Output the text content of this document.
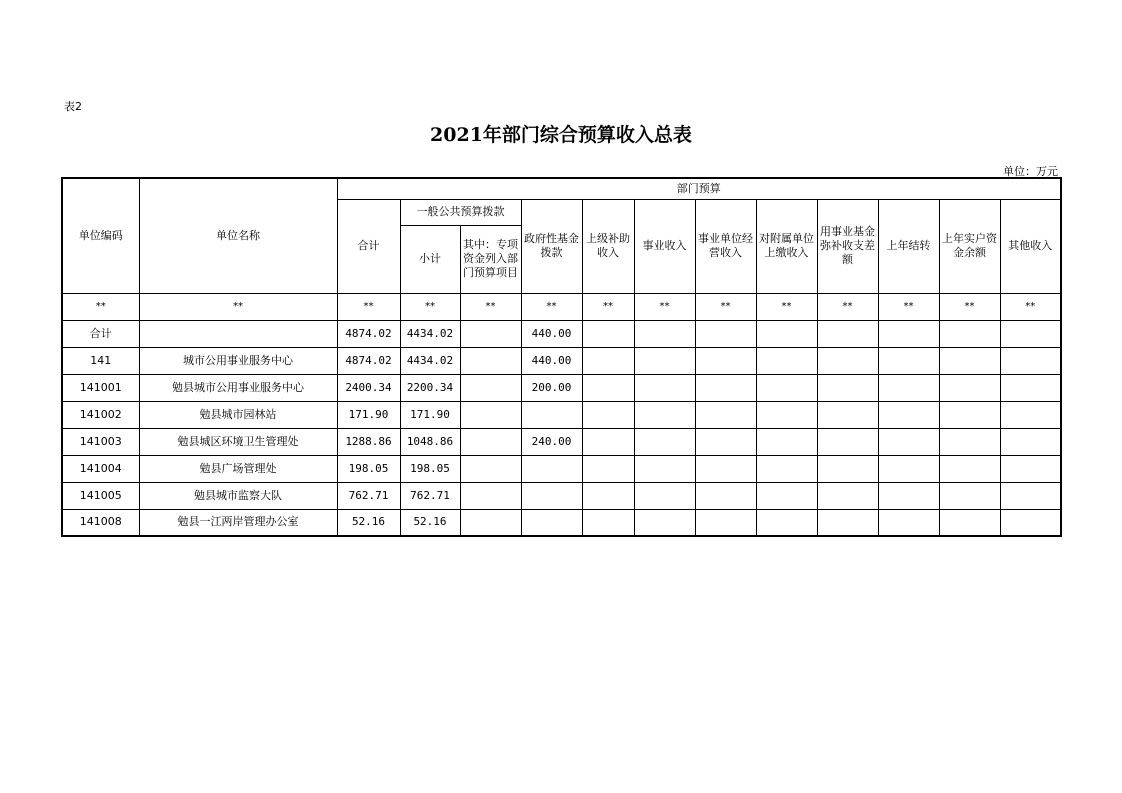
表2
2021年部门综合预算收入总表
单位：万元
单位编码	单位名称	部门预算											
		合计	一般公共预算拨款		政府性基金拨款	上级补助收入	事业收入	事业单位经营收入	对附属单位上缴收入	用事业基金弥补收支差额	上年结转	上年实户资金余额	其他收入
			小计	其中：专项资金列入部门预算项目									
**	**	**	**	**	**	**	**	**	**	**	**	**	**
合计		4874.02	4434.02		440.00								
141	城市公用事业服务中心	4874.02	4434.02		440.00								
141001	勉县城市公用事业服务中心	2400.34	2200.34		200.00								
141002	勉县城市园林站	171.90	171.90										
141003	勉县城区环境卫生管理处	1288.86	1048.86		240.00								
141004	勉县广场管理处	198.05	198.05										
141005	勉县城市监察大队	762.71	762.71										
141008	勉县一江两岸管理办公室	52.16	52.16										
